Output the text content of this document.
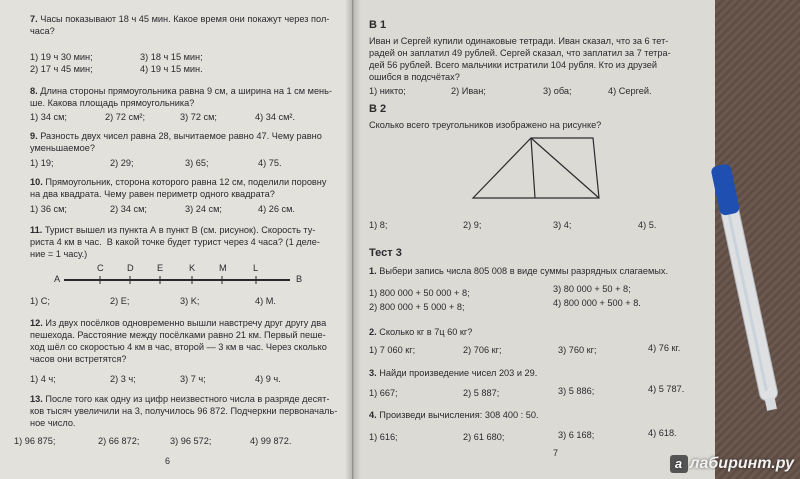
7. Часы показывают 18 ч 45 мин. Какое время они покажут через пол-
часа?
1) 19 ч 30 мин;	3) 18 ч 15 мин;
2) 17 ч 45 мин;	4) 19 ч 15 мин.
8. Длина стороны прямоугольника равна 9 см, а ширина на 1 см мень-
ше. Какова площадь прямоугольника?
1) 34 см;	2) 72 см²;	3) 72 см;	4) 34 см².
9. Разность двух чисел равна 28, вычитаемое равно 47. Чему равно
уменьшаемое?
1) 19;	2) 29;	3) 65;	4) 75.
10. Прямоугольник, сторона которого равна 12 см, поделили поровну
на два квадрата. Чему равен периметр одного квадрата?
1) 36 см;	2) 34 см;	3) 24 см;	4) 26 см.
11. Турист вышел из пункта А в пункт В (см. рисунок). Скорость ту-
риста 4 км в час.  В какой точке будет турист через 4 часа? (1 деле-
ние = 1 часу.)
А
С	D	E	K	M	L
B
1) С;	2) E;	3) K;	4) M.
12. Из двух посёлков одновременно вышли навстречу друг другу два
пешехода. Расстояние между посёлками равно 21 км. Первый пеше-
ход шёл со скоростью 4 км в час, второй — 3 км в час. Через сколько
часов они встретятся?
1) 4 ч;	2) 3 ч;	3) 7 ч;	4) 9 ч.
13. После того как одну из цифр неизвестного числа в разряде десят-
ков тысяч увеличили на 3, получилось 96 872. Подчеркни первоначаль-
ное число.
1) 96 875;	2) 66 872;	3) 96 572;	4) 99 872.
6
В 1
Иван и Сергей купили одинаковые тетради. Иван сказал, что за 6 тет-
радей он заплатил 49 рублей. Сергей сказал, что заплатил за 7 тетра-
дей 56 рублей. Всего мальчики истратили 104 рубля. Кто из друзей
ошибся в подсчётах?
1) никто;	2) Иван;	3) оба;	4) Сергей.
В 2
Сколько всего треугольников изображено на рисунке?
1) 8;	2) 9;	3) 4;	4) 5.
Тест 3
1. Выбери запись числа 805 008 в виде суммы разрядных слагаемых.
1) 800 000 + 50 000 + 8;	3) 80 000 + 50 + 8;
2) 800 000 + 5 000 + 8;	4) 800 000 + 500 + 8.
2. Сколько кг в 7ц 60 кг?
1) 7 060 кг;	2) 706 кг;	3) 760 кг;	4) 76 кг.
3. Найди произведение чисел 203 и 29.
1) 667;	2) 5 887;	3) 5 886;	4) 5 787.
4. Произведи вычисления: 308 400 : 50.
1) 616;	2) 61 680;	3) 6 168;	4) 618.
7
а лабиринт.ру
